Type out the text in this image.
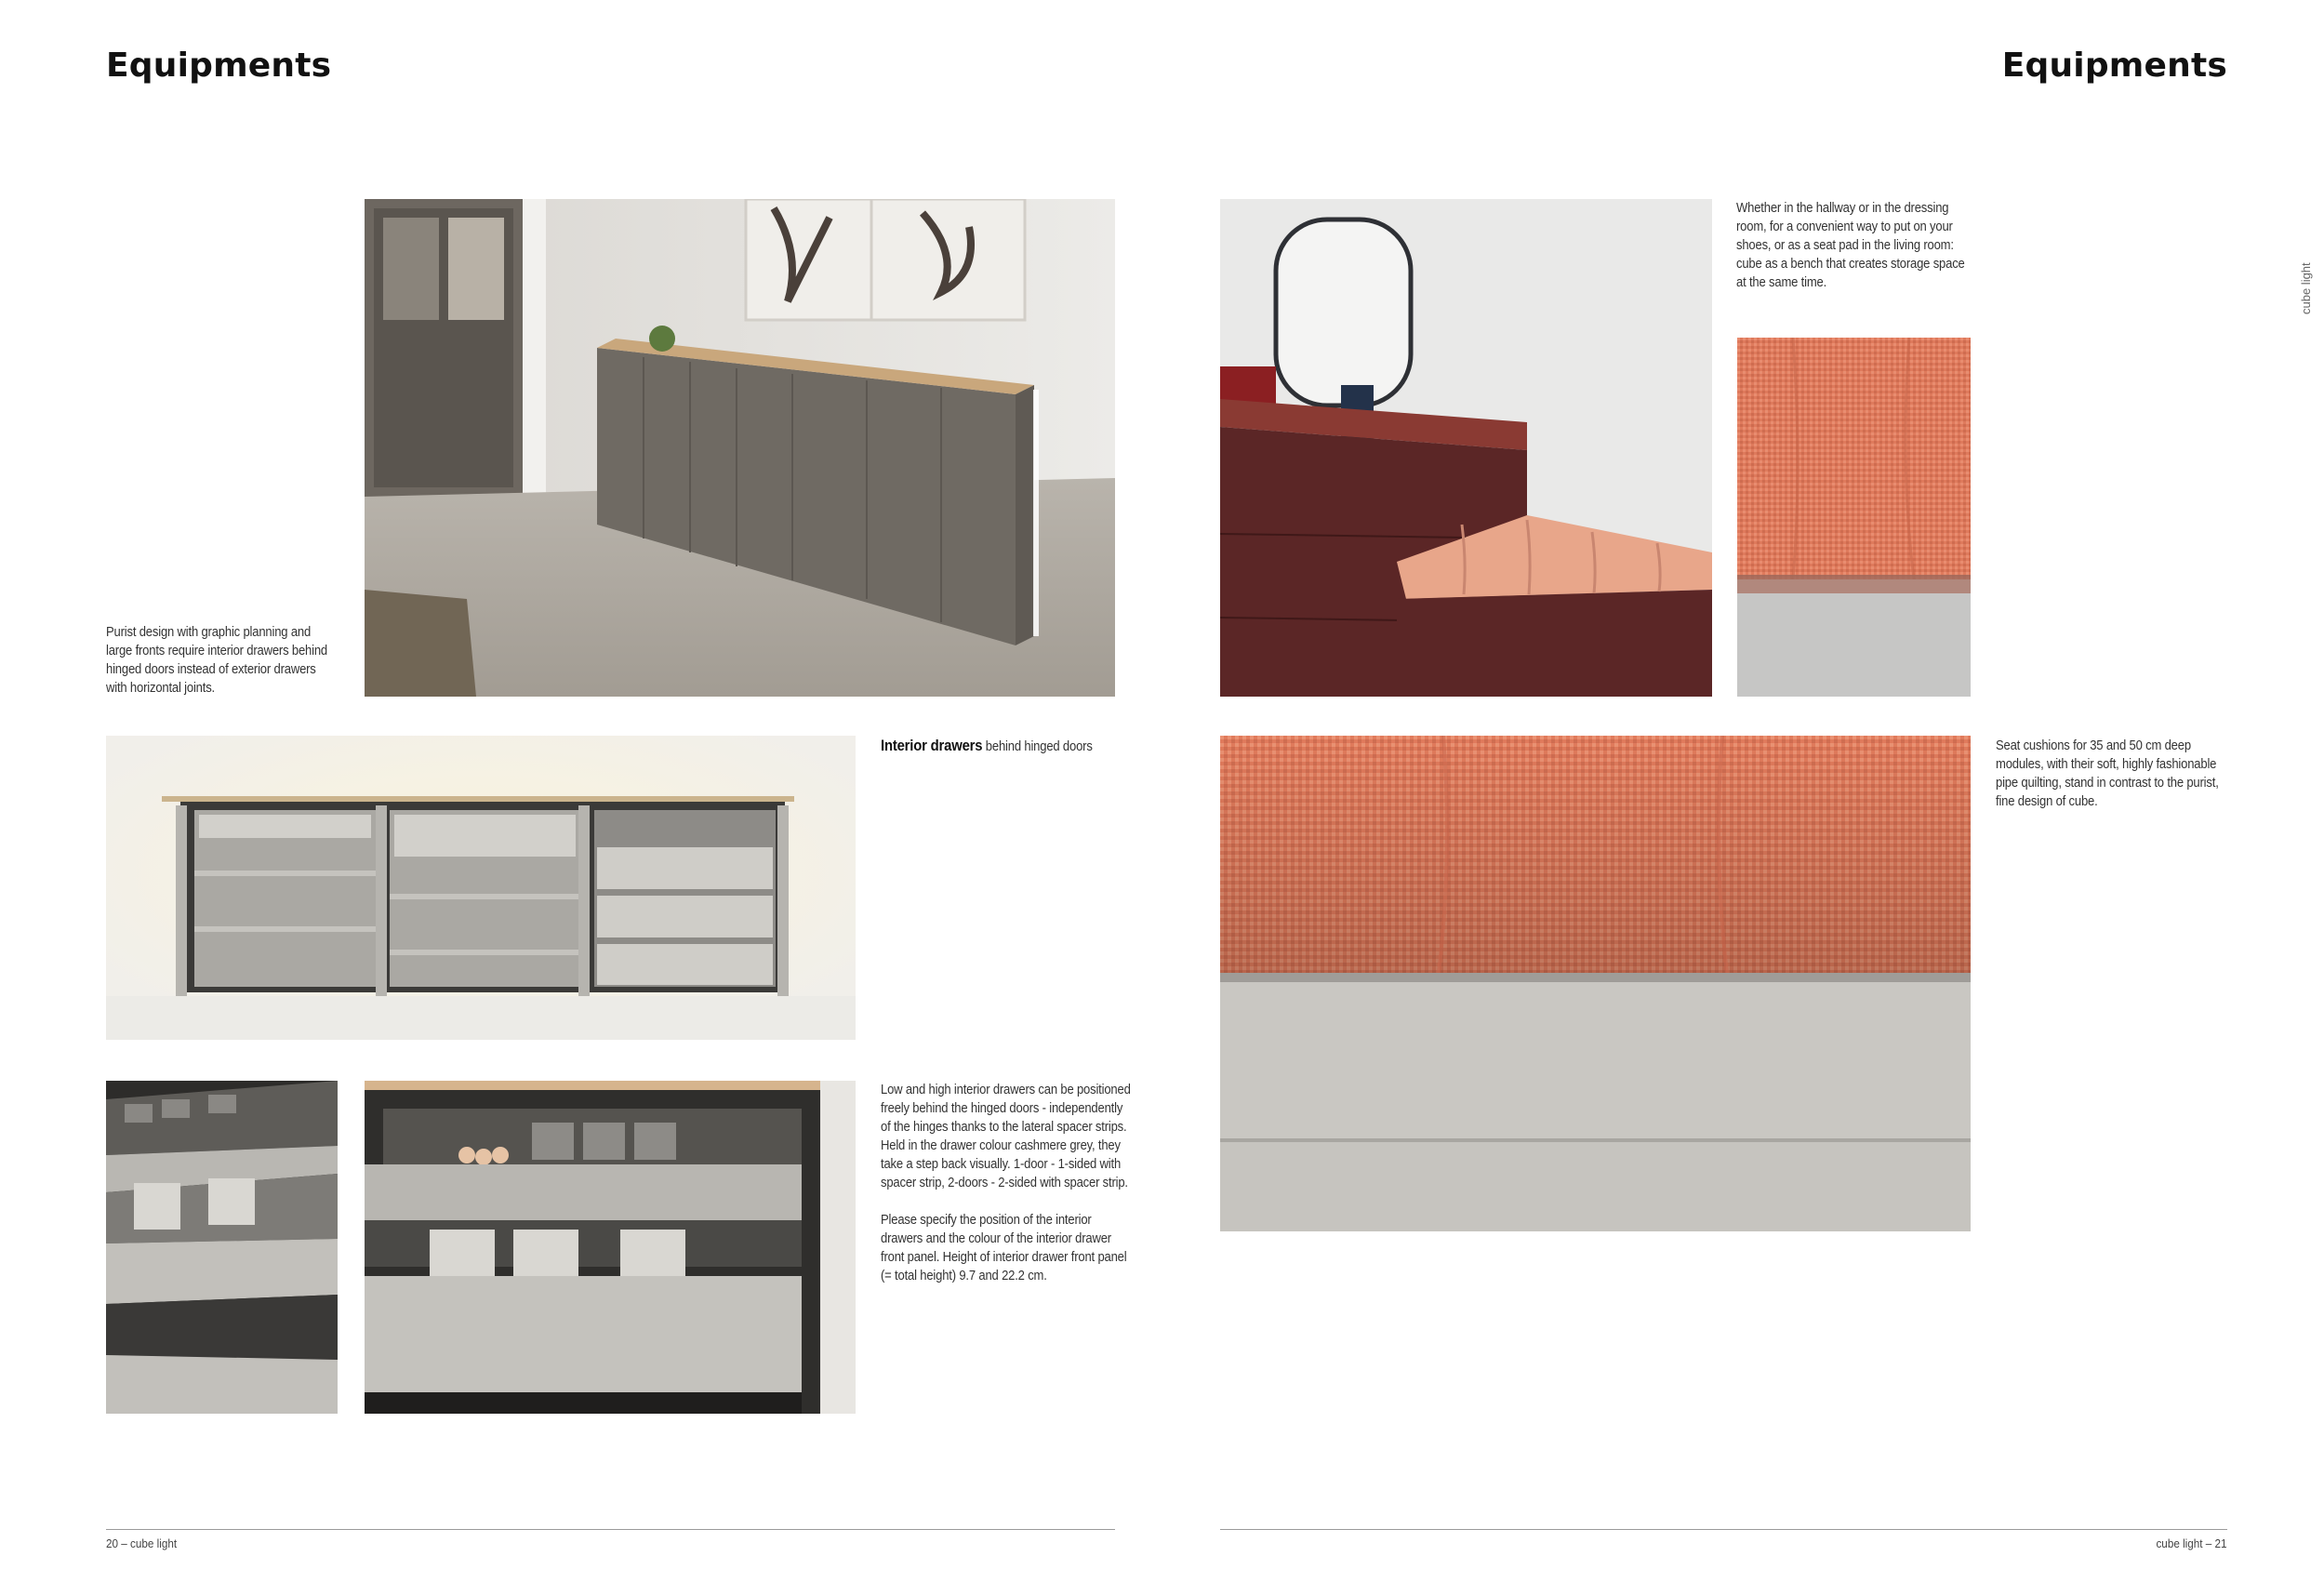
Equipments
Purist design with graphic planning and large fronts require interior drawers behind hinged doors instead of exterior drawers with horizontal joints.
Interior drawers behind hinged doors

Low and high interior drawers can be positioned freely behind the hinged doors - independently of the hinges thanks to the lateral spacer strips. Held in the drawer colour cashmere grey, they take a step back visually. 1-door - 1-sided with spacer strip, 2-doors - 2-sided with spacer strip.

Please specify the position of the interior drawers and the colour of the interior drawer front panel. Height of interior drawer front panel (= total height) 9.7 and 22.2 cm.

20 – cube light
Equipments
Whether in the hallway or in the dressing room, for a convenient way to put on your shoes, or as a seat pad in the living room: cube as a bench that creates storage space at the same time.
Seat cushions for 35 and 50 cm deep modules, with their soft, highly fashionable pipe quilting, stand in contrast to the purist, fine design of cube.
cube light
cube light – 21
